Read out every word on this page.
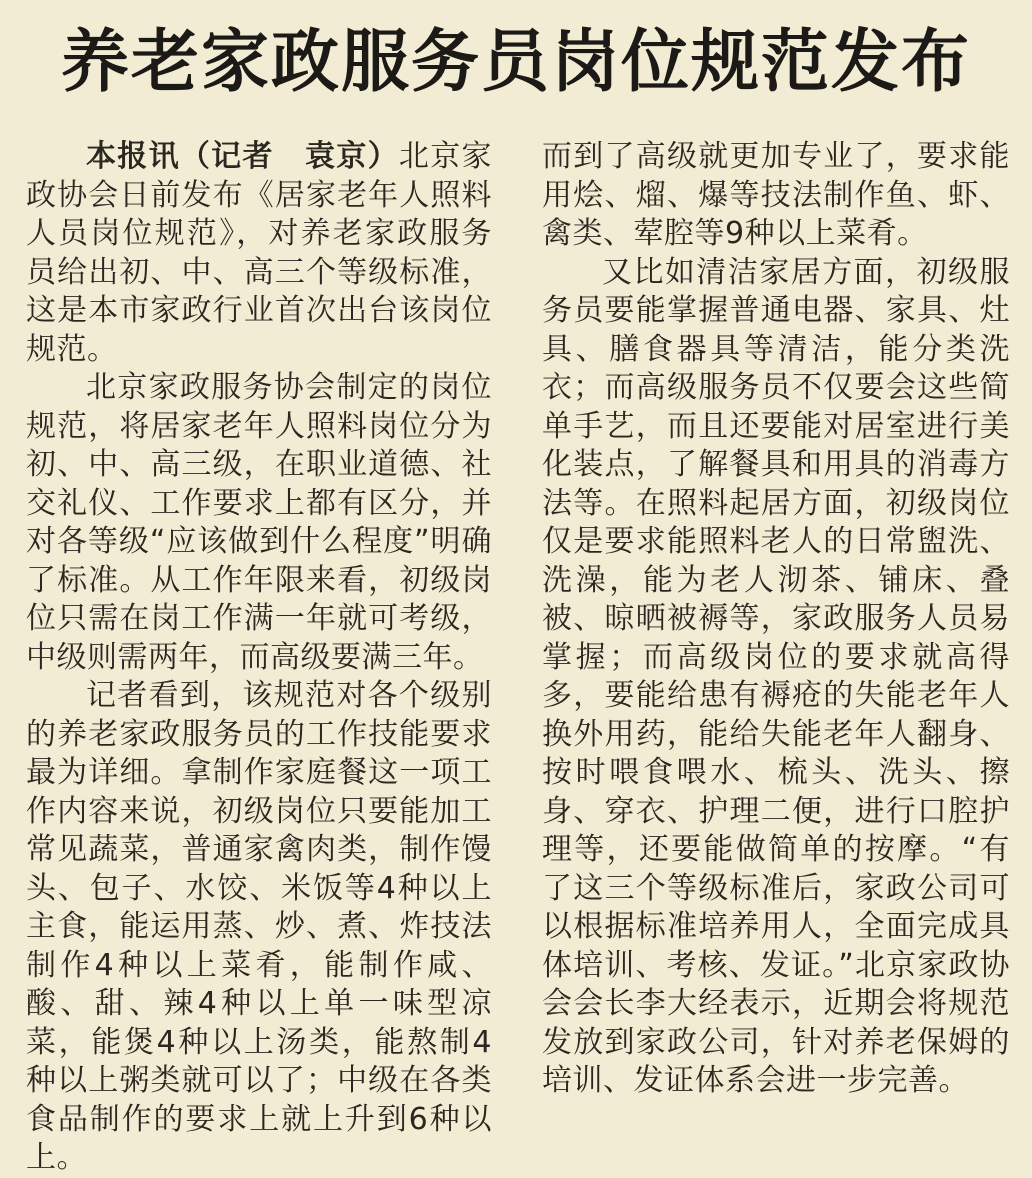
养老家政服务员岗位规范发布

本报讯（记者　袁京）北京家政协会日前发布《居家老年人照料人员岗位规范》，对养老家政服务员给出初、中、高三个等级标准，这是本市家政行业首次出台该岗位规范。

北京家政服务协会制定的岗位规范，将居家老年人照料岗位分为初、中、高三级，在职业道德、社交礼仪、工作要求上都有区分，并对各等级“应该做到什么程度”明确了标准。从工作年限来看，初级岗位只需在岗工作满一年就可考级，中级则需两年，而高级要满三年。

记者看到，该规范对各个级别的养老家政服务员的工作技能要求最为详细。拿制作家庭餐这一项工作内容来说，初级岗位只要能加工常见蔬菜，普通家禽肉类，制作馒头、包子、水饺、米饭等4种以上主食，能运用蒸、炒、煮、炸技法制作4种以上菜肴，能制作咸、酸、甜、辣4种以上单一味型凉菜，能煲4种以上汤类，能熬制4种以上粥类就可以了；中级在各类食品制作的要求上就上升到6种以上。

而到了高级就更加专业了，要求能用烩、熘、爆等技法制作鱼、虾、禽类、荤腔等9种以上菜肴。

又比如清洁家居方面，初级服务员要能掌握普通电器、家具、灶具、膳食器具等清洁，能分类洗衣；而高级服务员不仅要会这些简单手艺，而且还要能对居室进行美化装点，了解餐具和用具的消毒方法等。在照料起居方面，初级岗位仅是要求能照料老人的日常盥洗、洗澡，能为老人沏茶、铺床、叠被、晾晒被褥等，家政服务人员易掌握；而高级岗位的要求就高得多，要能给患有褥疮的失能老年人换外用药，能给失能老年人翻身、按时喂食喂水、梳头、洗头、擦身、穿衣、护理二便，进行口腔护理等，还要能做简单的按摩。“有了这三个等级标准后，家政公司可以根据标准培养用人，全面完成具体培训、考核、发证。”北京家政协会会长李大经表示，近期会将规范发放到家政公司，针对养老保姆的培训、发证体系会进一步完善。
